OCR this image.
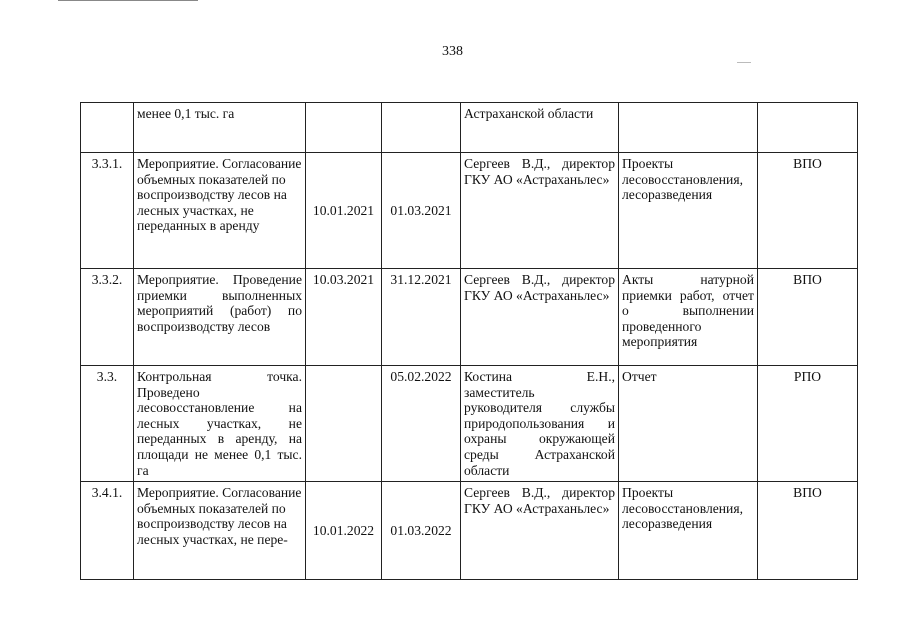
338
	менее 0,1 тыс. га			Астраханской области		
3.3.1.	Мероприятие. Согласование объемных показателей по воспроизводству лесов на лесных участках, не переданных в аренду	10.01.2021	01.03.2021	Сергеев В.Д., директор ГКУ АО «Астраханьлес»	Проекты лесовосстановления, лесоразведения	ВПО
3.3.2.	Мероприятие. Проведение приемки выполненных мероприятий (работ) по воспроизводству лесов	10.03.2021	31.12.2021	Сергеев В.Д., директор ГКУ АО «Астраханьлес»	Акты натурной приемки работ, отчет о выполнении проведенного мероприятия	ВПО
3.3.	Контрольная точка. Проведено лесовосстановление на лесных участках, не переданных в аренду, на площади не менее 0,1 тыс. га		05.02.2022	Костина Е.Н., заместитель руководителя службы природопользования и охраны окружающей среды Астраханской области	Отчет	РПО
3.4.1.	Мероприятие. Согласование объемных показателей по воспроизводству лесов на лесных участках, не пере-	10.01.2022	01.03.2022	Сергеев В.Д., директор ГКУ АО «Астраханьлес»	Проекты лесовосстановления, лесоразведения	ВПО
